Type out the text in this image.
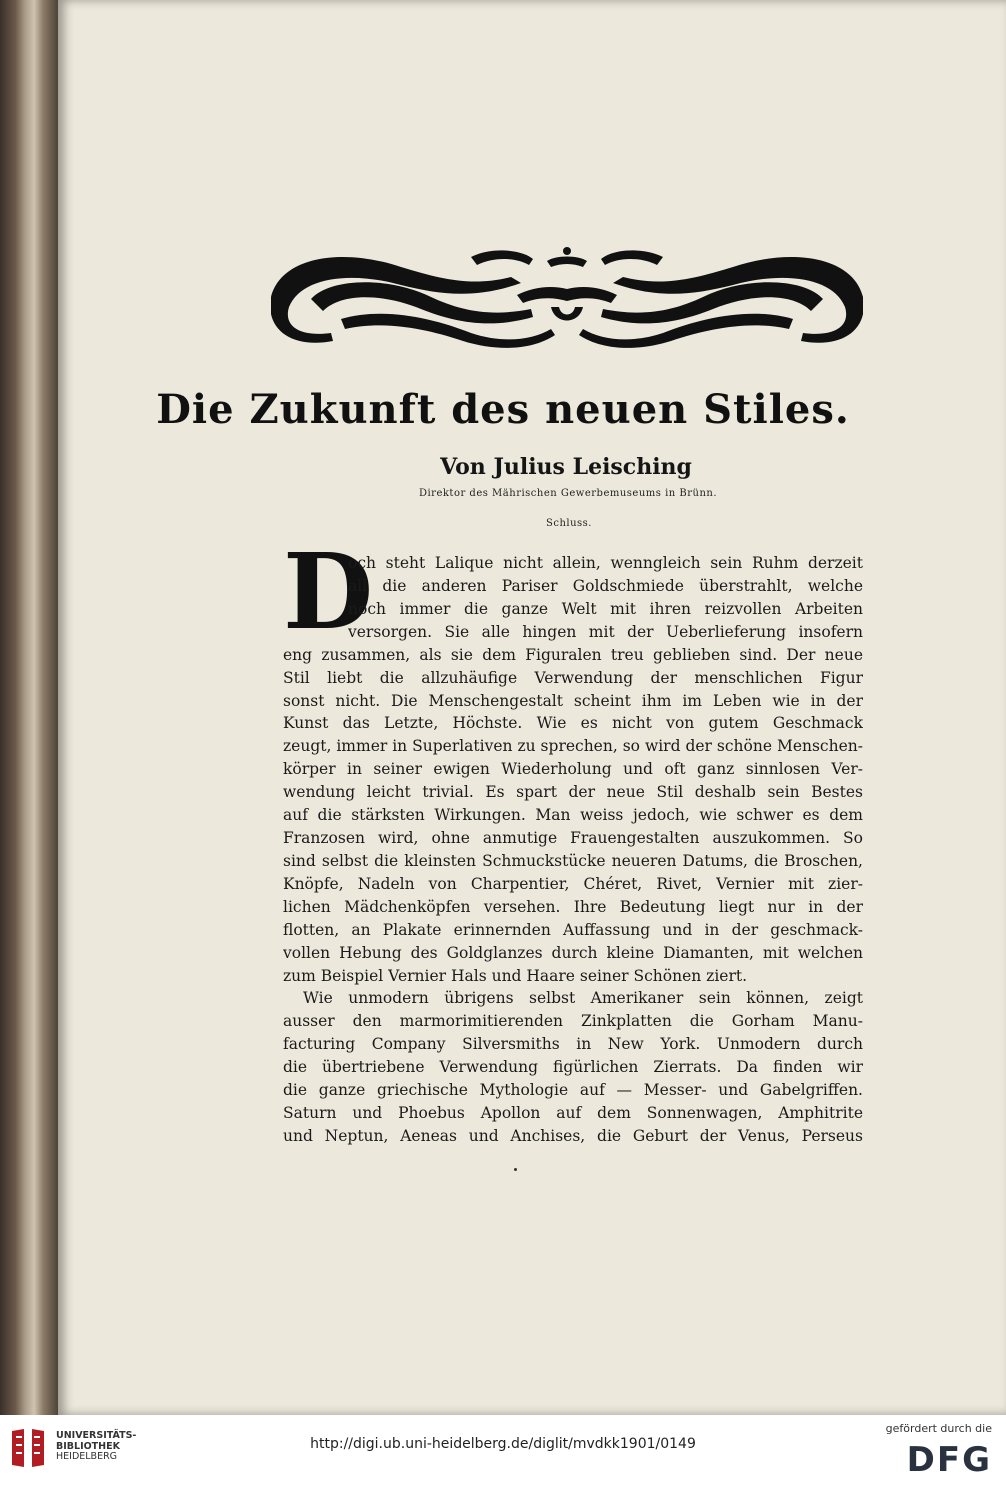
Die Zukunft des neuen Stiles.
Von Julius Leisching
Direktor des Mährischen Gewerbemuseums in Brünn.
Schluss.
D
och steht Lalique nicht allein, wenngleich sein Ruhm derzeit
all die anderen Pariser Goldschmiede überstrahlt, welche
noch immer die ganze Welt mit ihren reizvollen Arbeiten
versorgen. Sie alle hingen mit der Ueberlieferung insofern
eng zusammen, als sie dem Figuralen treu geblieben sind. Der neue
Stil liebt die allzuhäufige Verwendung der menschlichen Figur
sonst nicht. Die Menschengestalt scheint ihm im Leben wie in der
Kunst das Letzte, Höchste. Wie es nicht von gutem Geschmack
zeugt, immer in Superlativen zu sprechen, so wird der schöne Menschen-
körper in seiner ewigen Wiederholung und oft ganz sinnlosen Ver-
wendung leicht trivial. Es spart der neue Stil deshalb sein Bestes
auf die stärksten Wirkungen. Man weiss jedoch, wie schwer es dem
Franzosen wird, ohne anmutige Frauengestalten auszukommen. So
sind selbst die kleinsten Schmuckstücke neueren Datums, die Broschen,
Knöpfe, Nadeln von Charpentier, Chéret, Rivet, Vernier mit zier-
lichen Mädchenköpfen versehen. Ihre Bedeutung liegt nur in der
flotten, an Plakate erinnernden Auffassung und in der geschmack-
vollen Hebung des Goldglanzes durch kleine Diamanten, mit welchen
zum Beispiel Vernier Hals und Haare seiner Schönen ziert.
Wie unmodern übrigens selbst Amerikaner sein können, zeigt
ausser den marmorimitierenden Zinkplatten die Gorham Manu-
facturing Company Silversmiths in New York. Unmodern durch
die übertriebene Verwendung figürlichen Zierrats. Da finden wir
die ganze griechische Mythologie auf — Messer- und Gabelgriffen.
Saturn und Phoebus Apollon auf dem Sonnenwagen, Amphitrite
und Neptun, Aeneas und Anchises, die Geburt der Venus, Perseus
UNIVERSITÄTS-
BIBLIOTHEK
HEIDELBERG
http://digi.ub.uni-heidelberg.de/diglit/mvdkk1901/0149
gefördert durch die
DFG
